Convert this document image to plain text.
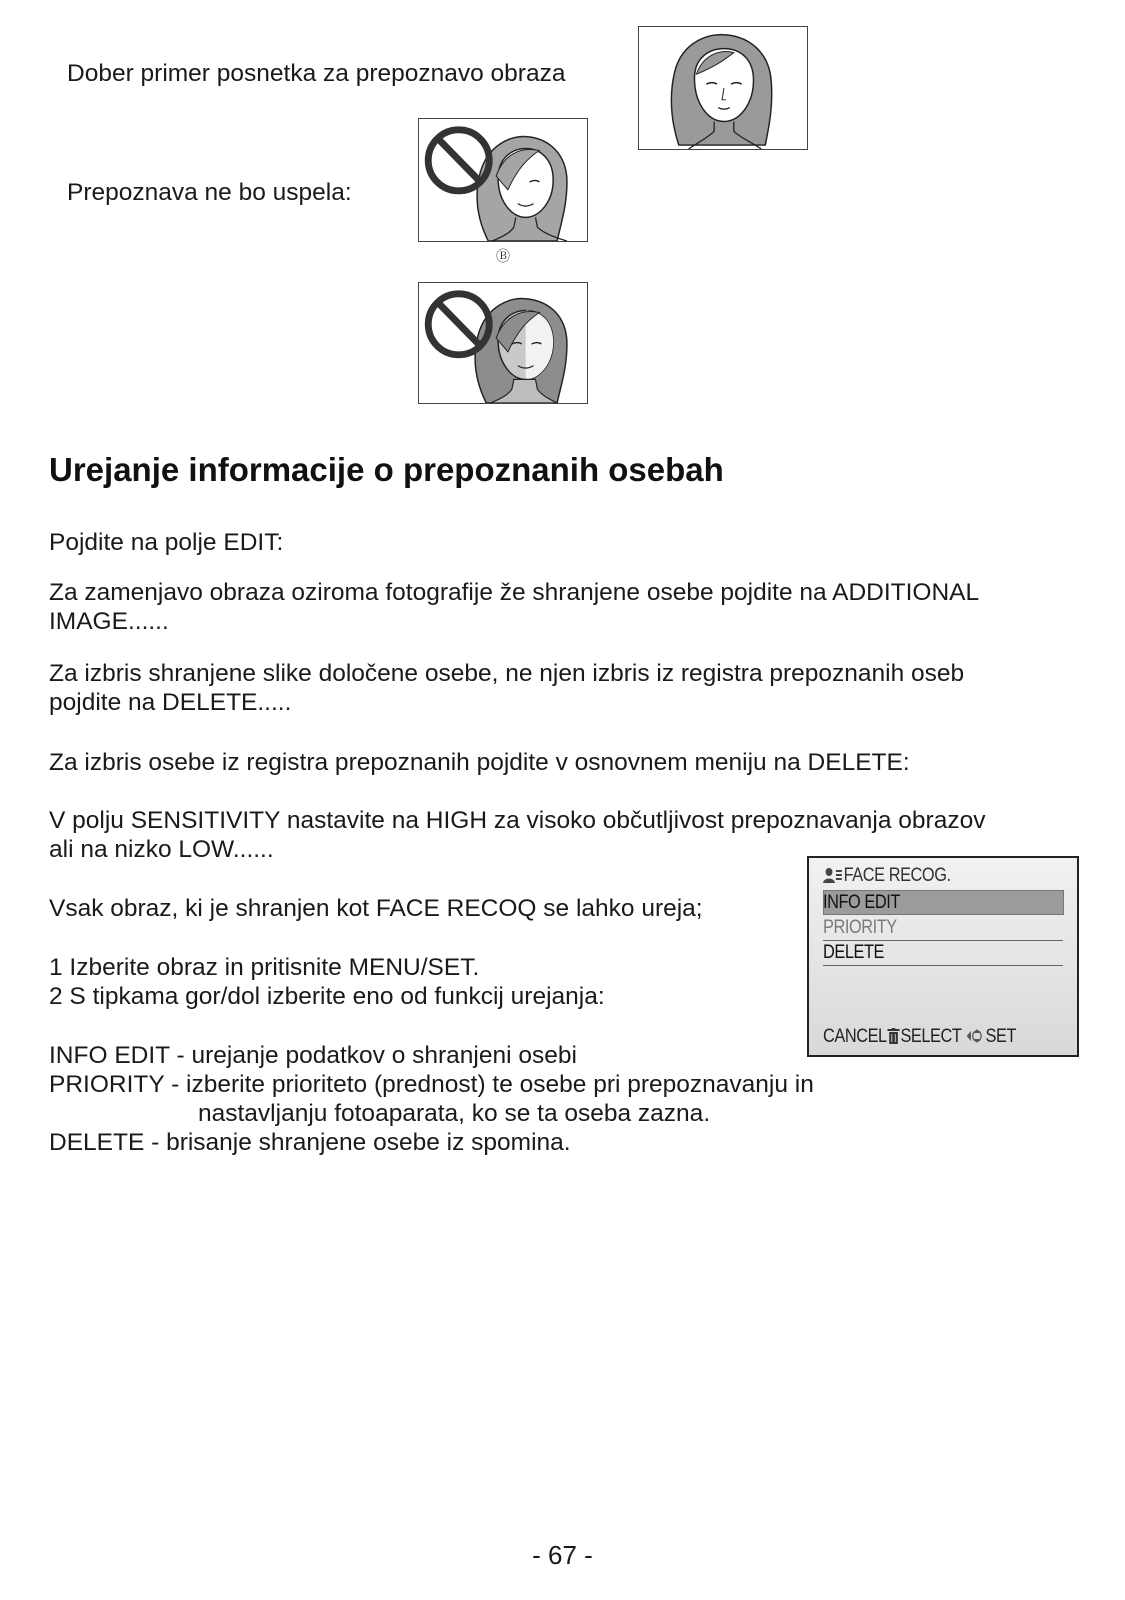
Dober primer posnetka za prepoznavo obraza
Prepoznava ne bo uspela:
Ⓑ
Urejanje informacije o prepoznanih osebah
Pojdite na polje EDIT:
Za zamenjavo obraza oziroma fotografije že shranjene osebe pojdite na ADDITIONAL
IMAGE......
Za izbris shranjene slike določene osebe, ne njen izbris iz registra prepoznanih oseb
pojdite na DELETE.....
Za izbris osebe iz registra prepoznanih pojdite v osnovnem meniju na DELETE:
V polju SENSITIVITY nastavite na HIGH za visoko občutljivost prepoznavanja obrazov
ali na nizko LOW......
Vsak obraz, ki je shranjen kot FACE RECOQ se lahko ureja;
1 Izberite obraz in pritisnite MENU/SET.
2 S tipkama gor/dol izberite eno od funkcij urejanja:
INFO EDIT - urejanje podatkov o shranjeni osebi
PRIORITY - izberite prioriteto (prednost) te osebe pri prepoznavanju in
nastavljanju fotoaparata, ko se ta oseba zazna.
DELETE - brisanje shranjene osebe iz spomina.
FACE RECOG.
INFO EDIT
PRIORITY
DELETE
CANCEL SELECT SET
- 67 -
